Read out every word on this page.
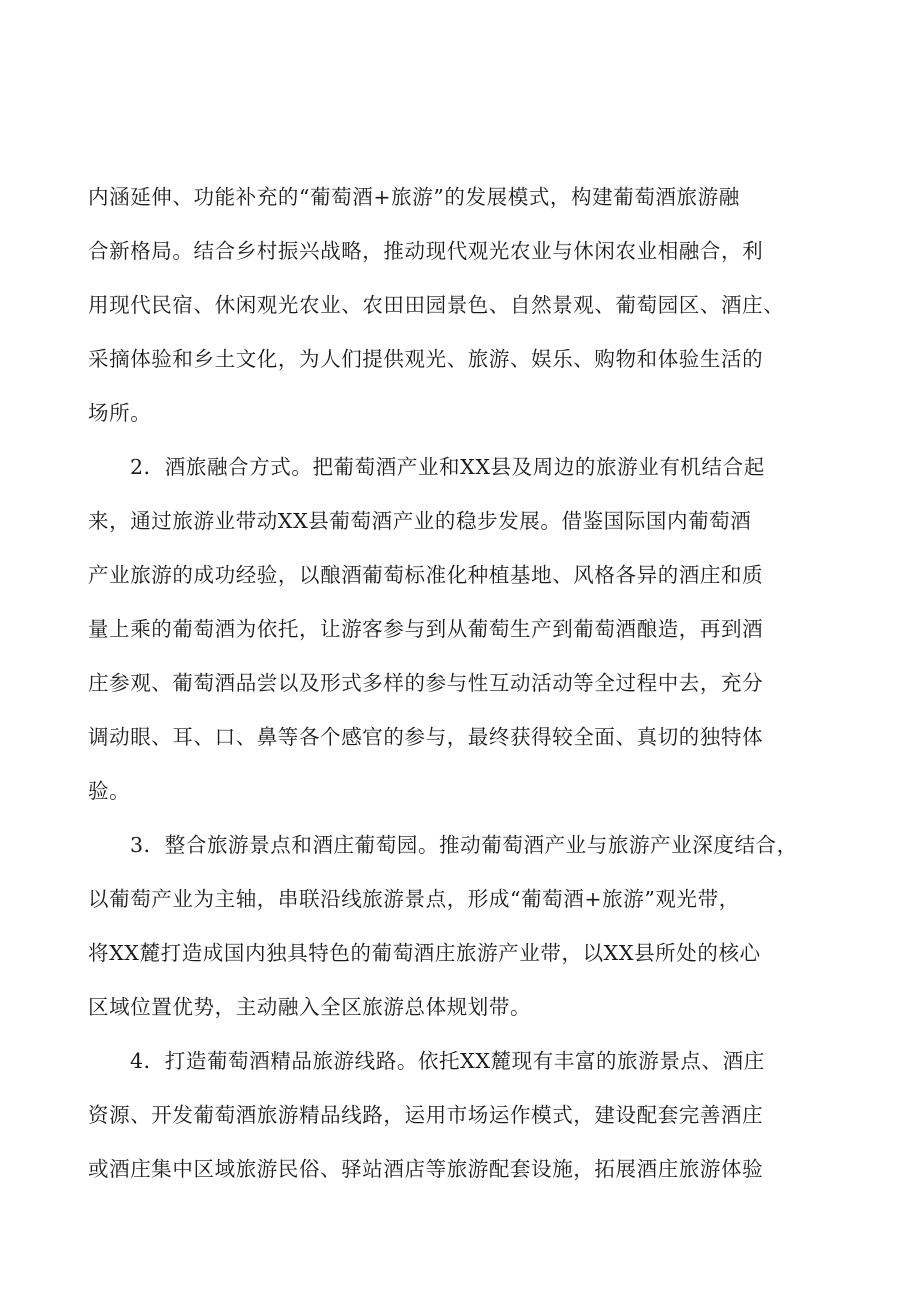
内涵延伸、功能补充的“葡萄酒+旅游”的发展模式，构建葡萄酒旅游融
合新格局。结合乡村振兴战略，推动现代观光农业与休闲农业相融合，利
用现代民宿、休闲观光农业、农田田园景色、自然景观、葡萄园区、酒庄、
采摘体验和乡土文化，为人们提供观光、旅游、娱乐、购物和体验生活的
场所。
2．酒旅融合方式。把葡萄酒产业和XX县及周边的旅游业有机结合起
来，通过旅游业带动XX县葡萄酒产业的稳步发展。借鉴国际国内葡萄酒
产业旅游的成功经验，以酿酒葡萄标准化种植基地、风格各异的酒庄和质
量上乘的葡萄酒为依托，让游客参与到从葡萄生产到葡萄酒酿造，再到酒
庄参观、葡萄酒品尝以及形式多样的参与性互动活动等全过程中去，充分
调动眼、耳、口、鼻等各个感官的参与，最终获得较全面、真切的独特体
验。
3．整合旅游景点和酒庄葡萄园。推动葡萄酒产业与旅游产业深度结合，
以葡萄产业为主轴，串联沿线旅游景点，形成“葡萄酒+旅游”观光带，
将XX麓打造成国内独具特色的葡萄酒庄旅游产业带，以XX县所处的核心
区域位置优势，主动融入全区旅游总体规划带。
4．打造葡萄酒精品旅游线路。依托XX麓现有丰富的旅游景点、酒庄
资源、开发葡萄酒旅游精品线路，运用市场运作模式，建设配套完善酒庄
或酒庄集中区域旅游民俗、驿站酒店等旅游配套设施，拓展酒庄旅游体验
